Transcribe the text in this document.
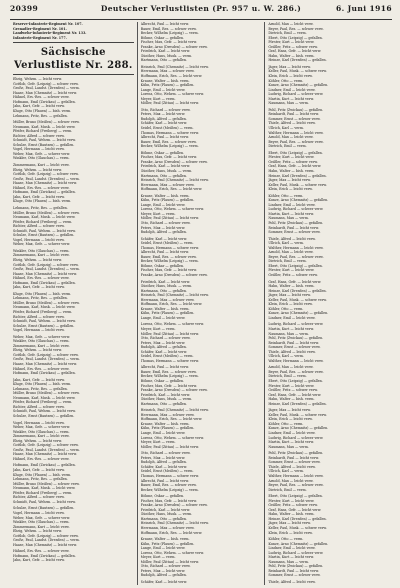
20399	Deutscher Verlustlisten (Pr. 957 u. W. 286.)	6. Juni 1916

Reserve-Infanterie-Regiment Nr. 107.

Grenadier-Regiment Nr. 101.

Landwehr-Infanterie-Regiment Nr. 133.

Infanterie-Regiment Nr. 177.

Sächsische Verlustliste Nr. 288.

Ehrig, Wehrm. — leicht verw.

Gottlob, Gefr. (Leipzig) — schwer verw.

Große, Paul, Landst. (Dresden) — verm.

Haase, Max (Chemnitz) — leicht verw.

Hähnel, Ers.-Res. — schwer verw.

Hofmann, Emil (Zwickau) — gefallen.

Jahn, Kurt, Gefr. — leicht verw.

Kluge, Otto (Plauen) — bish. verm.

Lehmann, Fritz, Res. — gefallen.

Müller, Bruno (Meißen) — schwer verw.

Neumann, Karl, Musk. — leicht verw.

Pfeifer, Richard (Freiberg) — verm.

Richter, Alfred — schwer verw.

Schmidt, Paul, Wehrm. — leicht verw.

Schulze, Ernst (Bautzen) — gefallen.

Vogel, Hermann — leicht verw.

Weber, Max, Gefr. — schwer verw.

Winkler, Otto (Glauchau) — verm.

Zimmermann, Kurt — leicht verw.

Ehrig, Wehrm. — leicht verw.

Gottlob, Gefr. (Leipzig) — schwer verw.

Große, Paul, Landst. (Dresden) — verm.

Haase, Max (Chemnitz) — leicht verw.

Hähnel, Ers.-Res. — schwer verw.

Hofmann, Emil (Zwickau) — gefallen.

Jahn, Kurt, Gefr. — leicht verw.

Kluge, Otto (Plauen) — bish. verm.

Lehmann, Fritz, Res. — gefallen.

Müller, Bruno (Meißen) — schwer verw.

Neumann, Karl, Musk. — leicht verw.

Pfeifer, Richard (Freiberg) — verm.

Richter, Alfred — schwer verw.

Schmidt, Paul, Wehrm. — leicht verw.

Schulze, Ernst (Bautzen) — gefallen.

Vogel, Hermann — leicht verw.

Weber, Max, Gefr. — schwer verw.

Winkler, Otto (Glauchau) — verm.

Zimmermann, Kurt — leicht verw.

Ehrig, Wehrm. — leicht verw.

Gottlob, Gefr. (Leipzig) — schwer verw.

Große, Paul, Landst. (Dresden) — verm.

Haase, Max (Chemnitz) — leicht verw.

Hähnel, Ers.-Res. — schwer verw.

Hofmann, Emil (Zwickau) — gefallen.

Jahn, Kurt, Gefr. — leicht verw.

Kluge, Otto (Plauen) — bish. verm.

Lehmann, Fritz, Res. — gefallen.

Müller, Bruno (Meißen) — schwer verw.

Neumann, Karl, Musk. — leicht verw.

Pfeifer, Richard (Freiberg) — verm.

Richter, Alfred — schwer verw.

Schmidt, Paul, Wehrm. — leicht verw.

Schulze, Ernst (Bautzen) — gefallen.

Vogel, Hermann — leicht verw.

Weber, Max, Gefr. — schwer verw.

Winkler, Otto (Glauchau) — verm.

Zimmermann, Kurt — leicht verw.

Ehrig, Wehrm. — leicht verw.

Gottlob, Gefr. (Leipzig) — schwer verw.

Große, Paul, Landst. (Dresden) — verm.

Haase, Max (Chemnitz) — leicht verw.

Hähnel, Ers.-Res. — schwer verw.

Hofmann, Emil (Zwickau) — gefallen.

Jahn, Kurt, Gefr. — leicht verw.

Kluge, Otto (Plauen) — bish. verm.

Lehmann, Fritz, Res. — gefallen.

Müller, Bruno (Meißen) — schwer verw.

Neumann, Karl, Musk. — leicht verw.

Pfeifer, Richard (Freiberg) — verm.

Richter, Alfred — schwer verw.

Schmidt, Paul, Wehrm. — leicht verw.

Schulze, Ernst (Bautzen) — gefallen.

Vogel, Hermann — leicht verw.

Weber, Max, Gefr. — schwer verw.

Winkler, Otto (Glauchau) — verm.

Zimmermann, Kurt — leicht verw.

Ehrig, Wehrm. — leicht verw.

Gottlob, Gefr. (Leipzig) — schwer verw.

Große, Paul, Landst. (Dresden) — verm.

Haase, Max (Chemnitz) — leicht verw.

Hähnel, Ers.-Res. — schwer verw.

Hofmann, Emil (Zwickau) — gefallen.

Jahn, Kurt, Gefr. — leicht verw.

Kluge, Otto (Plauen) — bish. verm.

Lehmann, Fritz, Res. — gefallen.

Müller, Bruno (Meißen) — schwer verw.

Neumann, Karl, Musk. — leicht verw.

Pfeifer, Richard (Freiberg) — verm.

Richter, Alfred — schwer verw.

Schmidt, Paul, Wehrm. — leicht verw.

Schulze, Ernst (Bautzen) — gefallen.

Vogel, Hermann — leicht verw.

Weber, Max, Gefr. — schwer verw.

Winkler, Otto (Glauchau) — verm.

Zimmermann, Kurt — leicht verw.

Ehrig, Wehrm. — leicht verw.

Gottlob, Gefr. (Leipzig) — schwer verw.

Große, Paul, Landst. (Dresden) — verm.

Haase, Max (Chemnitz) — leicht verw.

Hähnel, Ers.-Res. — schwer verw.

Hofmann, Emil (Zwickau) — gefallen.

Jahn, Kurt, Gefr. — leicht verw.

Albrecht, Paul — leicht verw.

Bauer, Emil, Res. — schwer verw.

Becker, Wilhelm (Leipzig) — verm.

Böhme, Oskar — gefallen.

Fischer, Max, Gefr. — leicht verw.

Franke, Arno (Dresden) — schwer verw.

Friedrich, Karl — leicht verw.

Günther, Hans, Musk. — verm.

Hartmann, Otto — gefallen.

Heinrich, Paul (Chemnitz) — leicht verw.

Herrmann, Max — schwer verw.

Hoffmann, Erich, Res. — leicht verw.

Krause, Walter — bish. verm.

Kühn, Fritz (Plauen) — gefallen.

Lange, Emil — leicht verw.

Lorenz, Otto, Wehrm. — schwer verw.

Meyer, Kurt — verm.

Möller, Paul (Zittau) — leicht verw.

Otto, Richard — schwer verw.

Peters, Max — leicht verw.

Rudolph, Alfred — gefallen.

Schäfer, Karl — leicht verw.

Seidel, Ernst (Meißen) — verm.

Thomas, Hermann — schwer verw.

Albrecht, Paul — leicht verw.

Bauer, Emil, Res. — schwer verw.

Becker, Wilhelm (Leipzig) — verm.

Böhme, Oskar — gefallen.

Fischer, Max, Gefr. — leicht verw.

Franke, Arno (Dresden) — schwer verw.

Friedrich, Karl — leicht verw.

Günther, Hans, Musk. — verm.

Hartmann, Otto — gefallen.

Heinrich, Paul (Chemnitz) — leicht verw.

Herrmann, Max — schwer verw.

Hoffmann, Erich, Res. — leicht verw.

Krause, Walter — bish. verm.

Kühn, Fritz (Plauen) — gefallen.

Lange, Emil — leicht verw.

Lorenz, Otto, Wehrm. — schwer verw.

Meyer, Kurt — verm.

Möller, Paul (Zittau) — leicht verw.

Otto, Richard — schwer verw.

Peters, Max — leicht verw.

Rudolph, Alfred — gefallen.

Schäfer, Karl — leicht verw.

Seidel, Ernst (Meißen) — verm.

Thomas, Hermann — schwer verw.

Albrecht, Paul — leicht verw.

Bauer, Emil, Res. — schwer verw.

Becker, Wilhelm (Leipzig) — verm.

Böhme, Oskar — gefallen.

Fischer, Max, Gefr. — leicht verw.

Franke, Arno (Dresden) — schwer verw.

Friedrich, Karl — leicht verw.

Günther, Hans, Musk. — verm.

Hartmann, Otto — gefallen.

Heinrich, Paul (Chemnitz) — leicht verw.

Herrmann, Max — schwer verw.

Hoffmann, Erich, Res. — leicht verw.

Krause, Walter — bish. verm.

Kühn, Fritz (Plauen) — gefallen.

Lange, Emil — leicht verw.

Lorenz, Otto, Wehrm. — schwer verw.

Meyer, Kurt — verm.

Möller, Paul (Zittau) — leicht verw.

Otto, Richard — schwer verw.

Peters, Max — leicht verw.

Rudolph, Alfred — gefallen.

Schäfer, Karl — leicht verw.

Seidel, Ernst (Meißen) — verm.

Thomas, Hermann — schwer verw.

Albrecht, Paul — leicht verw.

Bauer, Emil, Res. — schwer verw.

Becker, Wilhelm (Leipzig) — verm.

Böhme, Oskar — gefallen.

Fischer, Max, Gefr. — leicht verw.

Franke, Arno (Dresden) — schwer verw.

Friedrich, Karl — leicht verw.

Günther, Hans, Musk. — verm.

Hartmann, Otto — gefallen.

Heinrich, Paul (Chemnitz) — leicht verw.

Herrmann, Max — schwer verw.

Hoffmann, Erich, Res. — leicht verw.

Krause, Walter — bish. verm.

Kühn, Fritz (Plauen) — gefallen.

Lange, Emil — leicht verw.

Lorenz, Otto, Wehrm. — schwer verw.

Meyer, Kurt — verm.

Möller, Paul (Zittau) — leicht verw.

Otto, Richard — schwer verw.

Peters, Max — leicht verw.

Rudolph, Alfred — gefallen.

Schäfer, Karl — leicht verw.

Seidel, Ernst (Meißen) — verm.

Thomas, Hermann — schwer verw.

Albrecht, Paul — leicht verw.

Bauer, Emil, Res. — schwer verw.

Becker, Wilhelm (Leipzig) — verm.

Böhme, Oskar — gefallen.

Fischer, Max, Gefr. — leicht verw.

Franke, Arno (Dresden) — schwer verw.

Friedrich, Karl — leicht verw.

Günther, Hans, Musk. — verm.

Hartmann, Otto — gefallen.

Heinrich, Paul (Chemnitz) — leicht verw.

Herrmann, Max — schwer verw.

Hoffmann, Erich, Res. — leicht verw.

Krause, Walter — bish. verm.

Kühn, Fritz (Plauen) — gefallen.

Lange, Emil — leicht verw.

Lorenz, Otto, Wehrm. — schwer verw.

Meyer, Kurt — verm.

Möller, Paul (Zittau) — leicht verw.

Otto, Richard — schwer verw.

Peters, Max — leicht verw.

Rudolph, Alfred — gefallen.

Schäfer, Karl — leicht verw.

Arnold, Max — leicht verw.

Beyer, Paul, Res. — schwer verw.

Dietrich, Emil — verm.

Ebert, Otto (Leipzig) — gefallen.

Förster, Kurt — leicht verw.

Geißler, Fritz — schwer verw.

Graf, Hans, Gefr. — leicht verw.

Hahn, Walter — bish. verm.

Heinze, Karl (Dresden) — gefallen.

Jäger, Max — leicht verw.

Keller, Paul, Musk. — schwer verw.

Klein, Erich — leicht verw.

Köhler, Otto — verm.

Kunze, Arno (Chemnitz) — gefallen.

Lindner, Emil — leicht verw.

Ludwig, Richard — schwer verw.

Martin, Kurt — leicht verw.

Naumann, Max — verm.

Pohl, Fritz (Zwickau) — gefallen.

Reinhardt, Paul — leicht verw.

Sommer, Ernst — schwer verw.

Thiele, Alfred — leicht verw.

Ullrich, Karl — verm.

Walther, Hermann — leicht verw.

Arnold, Max — leicht verw.

Beyer, Paul, Res. — schwer verw.

Dietrich, Emil — verm.

Ebert, Otto (Leipzig) — gefallen.

Förster, Kurt — leicht verw.

Geißler, Fritz — schwer verw.

Graf, Hans, Gefr. — leicht verw.

Hahn, Walter — bish. verm.

Heinze, Karl (Dresden) — gefallen.

Jäger, Max — leicht verw.

Keller, Paul, Musk. — schwer verw.

Klein, Erich — leicht verw.

Köhler, Otto — verm.

Kunze, Arno (Chemnitz) — gefallen.

Lindner, Emil — leicht verw.

Ludwig, Richard — schwer verw.

Martin, Kurt — leicht verw.

Naumann, Max — verm.

Pohl, Fritz (Zwickau) — gefallen.

Reinhardt, Paul — leicht verw.

Sommer, Ernst — schwer verw.

Thiele, Alfred — leicht verw.

Ullrich, Karl — verm.

Walther, Hermann — leicht verw.

Arnold, Max — leicht verw.

Beyer, Paul, Res. — schwer verw.

Dietrich, Emil — verm.

Ebert, Otto (Leipzig) — gefallen.

Förster, Kurt — leicht verw.

Geißler, Fritz — schwer verw.

Graf, Hans, Gefr. — leicht verw.

Hahn, Walter — bish. verm.

Heinze, Karl (Dresden) — gefallen.

Jäger, Max — leicht verw.

Keller, Paul, Musk. — schwer verw.

Klein, Erich — leicht verw.

Köhler, Otto — verm.

Kunze, Arno (Chemnitz) — gefallen.

Lindner, Emil — leicht verw.

Ludwig, Richard — schwer verw.

Martin, Kurt — leicht verw.

Naumann, Max — verm.

Pohl, Fritz (Zwickau) — gefallen.

Reinhardt, Paul — leicht verw.

Sommer, Ernst — schwer verw.

Thiele, Alfred — leicht verw.

Ullrich, Karl — verm.

Walther, Hermann — leicht verw.

Arnold, Max — leicht verw.

Beyer, Paul, Res. — schwer verw.

Dietrich, Emil — verm.

Ebert, Otto (Leipzig) — gefallen.

Förster, Kurt — leicht verw.

Geißler, Fritz — schwer verw.

Graf, Hans, Gefr. — leicht verw.

Hahn, Walter — bish. verm.

Heinze, Karl (Dresden) — gefallen.

Jäger, Max — leicht verw.

Keller, Paul, Musk. — schwer verw.

Klein, Erich — leicht verw.

Köhler, Otto — verm.

Kunze, Arno (Chemnitz) — gefallen.

Lindner, Emil — leicht verw.

Ludwig, Richard — schwer verw.

Martin, Kurt — leicht verw.

Naumann, Max — verm.

Pohl, Fritz (Zwickau) — gefallen.

Reinhardt, Paul — leicht verw.

Sommer, Ernst — schwer verw.

Thiele, Alfred — leicht verw.

Ullrich, Karl — verm.

Walther, Hermann — leicht verw.

Arnold, Max — leicht verw.

Beyer, Paul, Res. — schwer verw.

Dietrich, Emil — verm.

Ebert, Otto (Leipzig) — gefallen.

Förster, Kurt — leicht verw.

Geißler, Fritz — schwer verw.

Graf, Hans, Gefr. — leicht verw.

Hahn, Walter — bish. verm.

Heinze, Karl (Dresden) — gefallen.

Jäger, Max — leicht verw.

Keller, Paul, Musk. — schwer verw.

Klein, Erich — leicht verw.

Köhler, Otto — verm.

Kunze, Arno (Chemnitz) — gefallen.

Lindner, Emil — leicht verw.

Ludwig, Richard — schwer verw.

Martin, Kurt — leicht verw.

Naumann, Max — verm.

Pohl, Fritz (Zwickau) — gefallen.

Reinhardt, Paul — leicht verw.

Sommer, Ernst — schwer verw.

Thiele, Alfred — leicht verw.
